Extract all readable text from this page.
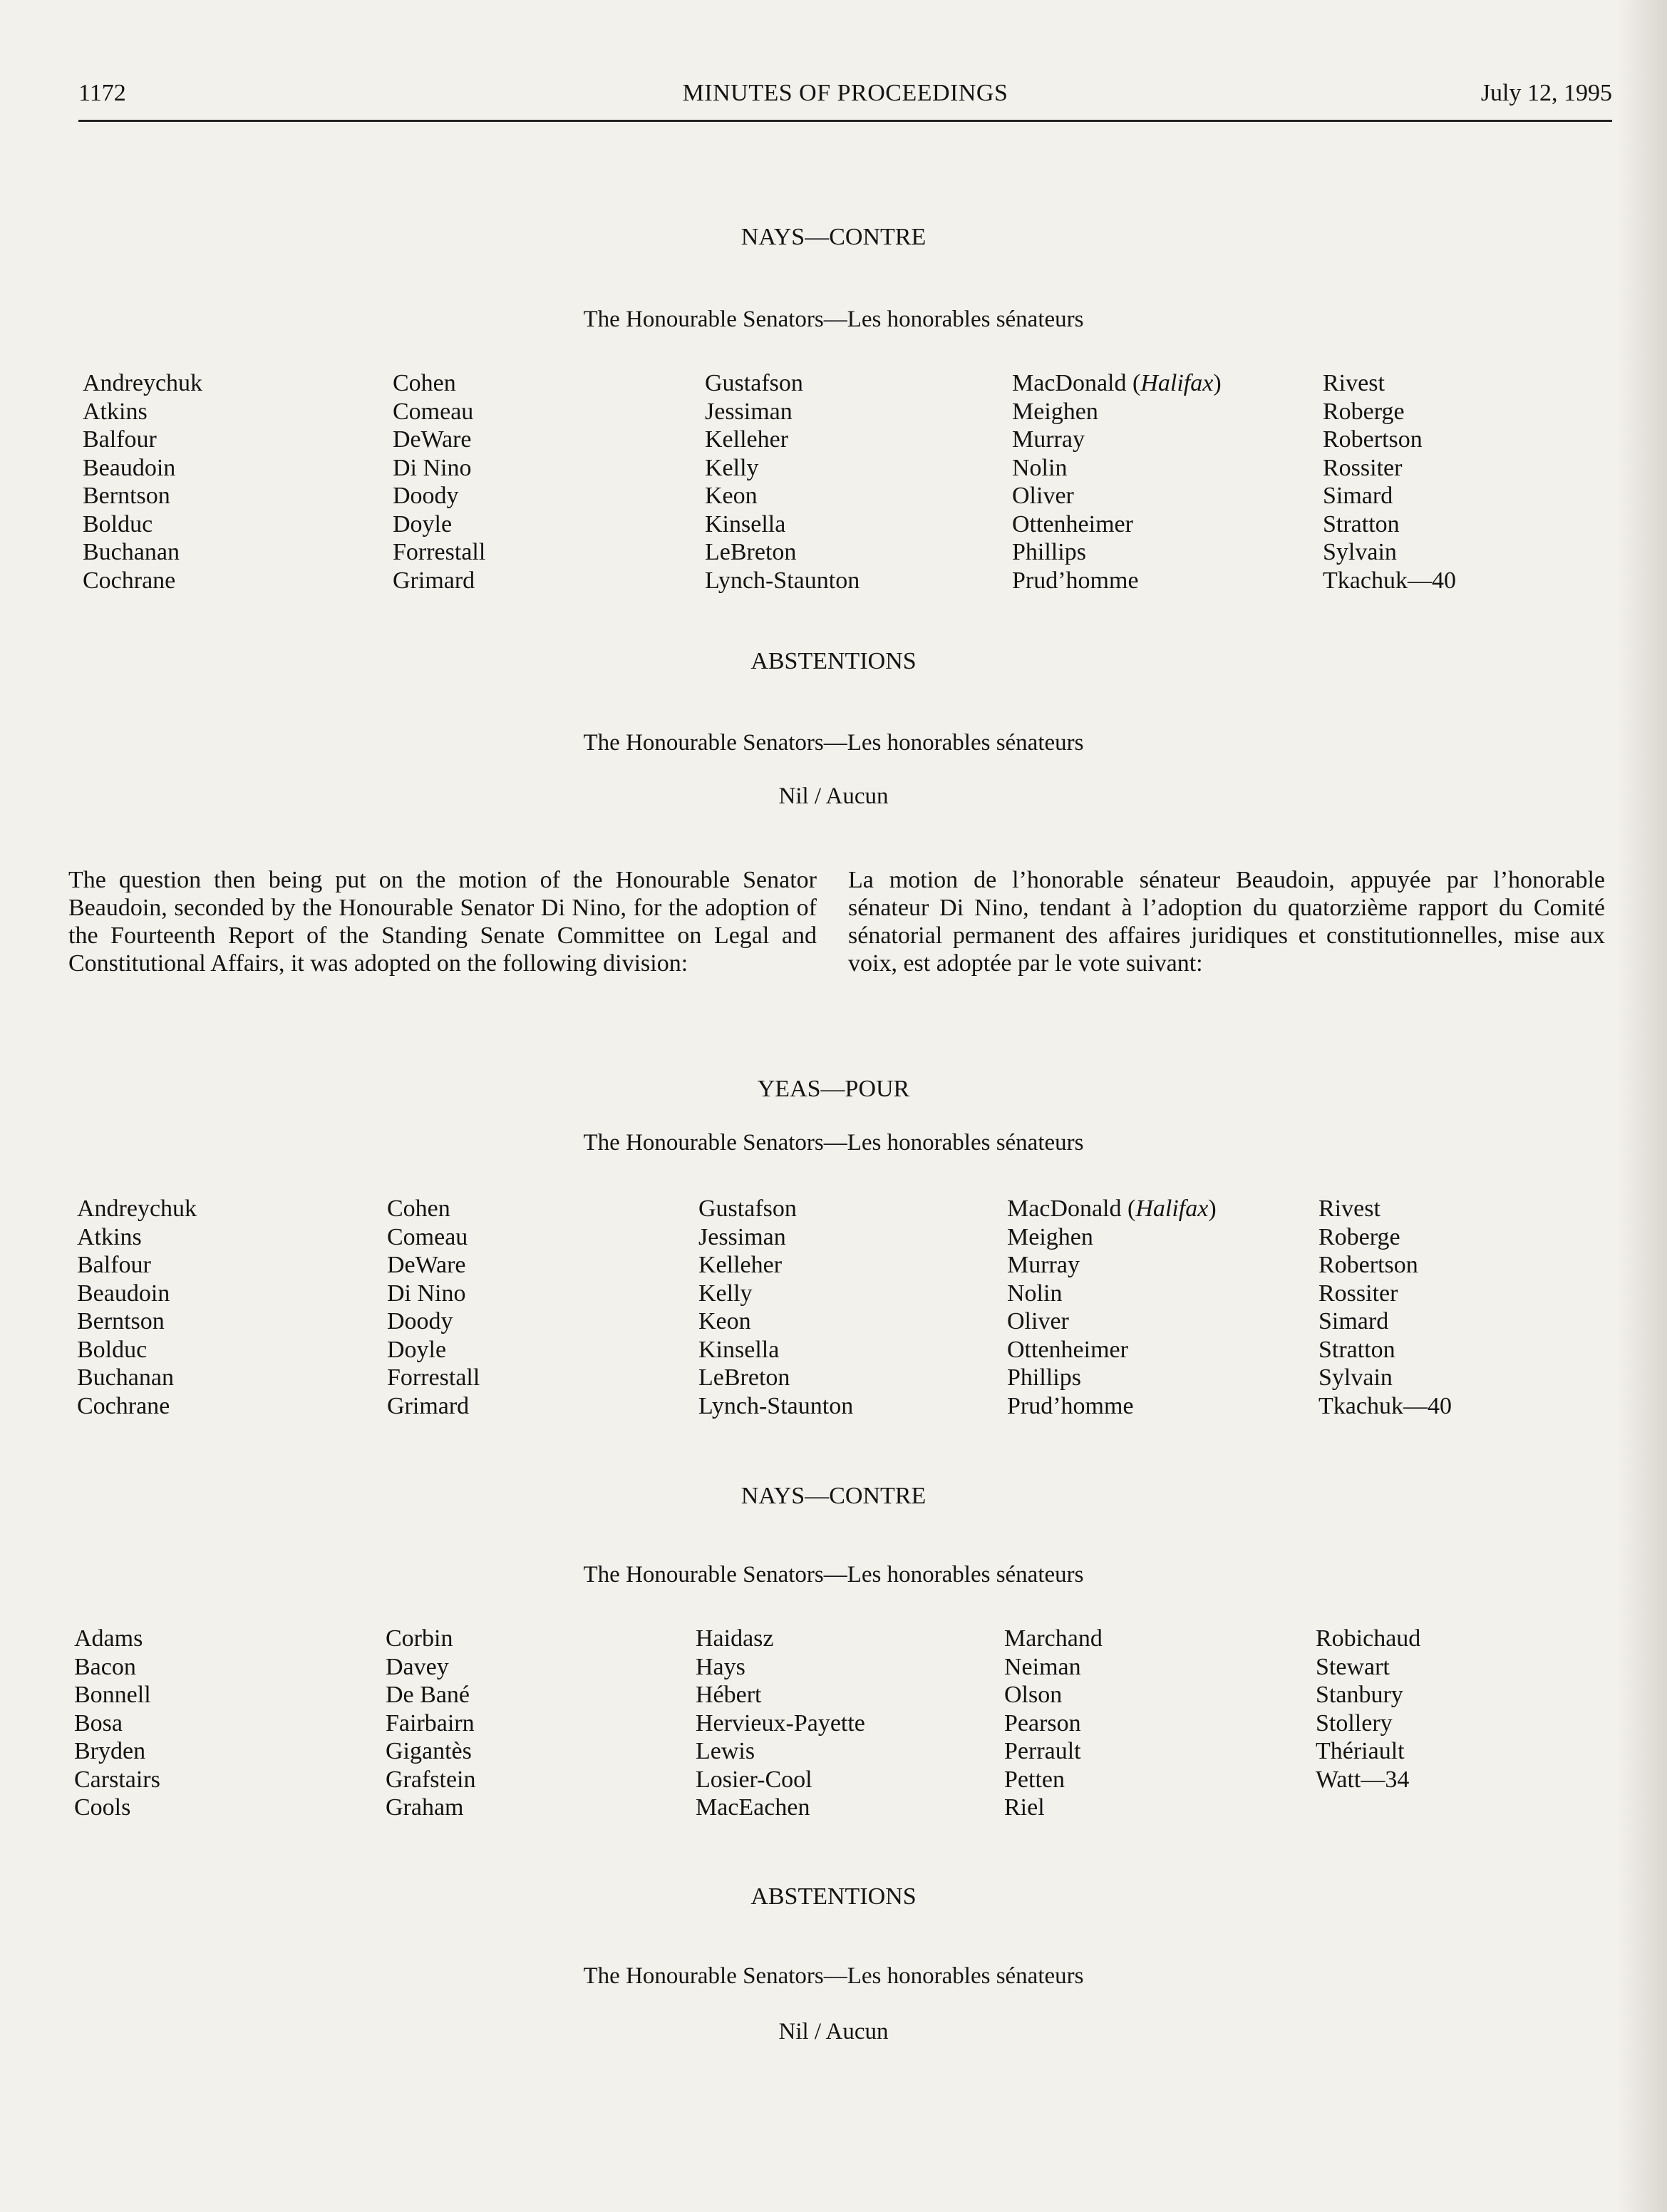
1172	MINUTES OF PROCEEDINGS	July 12, 1995
NAYS—CONTRE
The Honourable Senators—Les honorables sénateurs
Andreychuk
Atkins
Balfour
Beaudoin
Berntson
Bolduc
Buchanan
Cochrane
Cohen
Comeau
DeWare
Di Nino
Doody
Doyle
Forrestall
Grimard
Gustafson
Jessiman
Kelleher
Kelly
Keon
Kinsella
LeBreton
Lynch-Staunton
MacDonald (Halifax)
Meighen
Murray
Nolin
Oliver
Ottenheimer
Phillips
Prud’homme
Rivest
Roberge
Robertson
Rossiter
Simard
Stratton
Sylvain
Tkachuk—40
ABSTENTIONS
The Honourable Senators—Les honorables sénateurs
Nil / Aucun
The question then being put on the motion of the Honourable Senator Beaudoin, seconded by the Honourable Senator Di Nino, for the adoption of the Fourteenth Report of the Standing Senate Committee on Legal and Constitutional Affairs, it was adopted on the following division:
La motion de l’honorable sénateur Beaudoin, appuyée par l’honorable sénateur Di Nino, tendant à l’adoption du quatorzième rapport du Comité sénatorial permanent des affaires juridiques et constitutionnelles, mise aux voix, est adoptée par le vote suivant:
YEAS—POUR
The Honourable Senators—Les honorables sénateurs
Andreychuk
Atkins
Balfour
Beaudoin
Berntson
Bolduc
Buchanan
Cochrane
Cohen
Comeau
DeWare
Di Nino
Doody
Doyle
Forrestall
Grimard
Gustafson
Jessiman
Kelleher
Kelly
Keon
Kinsella
LeBreton
Lynch-Staunton
MacDonald (Halifax)
Meighen
Murray
Nolin
Oliver
Ottenheimer
Phillips
Prud’homme
Rivest
Roberge
Robertson
Rossiter
Simard
Stratton
Sylvain
Tkachuk—40
NAYS—CONTRE
The Honourable Senators—Les honorables sénateurs
Adams
Bacon
Bonnell
Bosa
Bryden
Carstairs
Cools
Corbin
Davey
De Bané
Fairbairn
Gigantès
Grafstein
Graham
Haidasz
Hays
Hébert
Hervieux-Payette
Lewis
Losier-Cool
MacEachen
Marchand
Neiman
Olson
Pearson
Perrault
Petten
Riel
Robichaud
Stewart
Stanbury
Stollery
Thériault
Watt—34
ABSTENTIONS
The Honourable Senators—Les honorables sénateurs
Nil / Aucun
